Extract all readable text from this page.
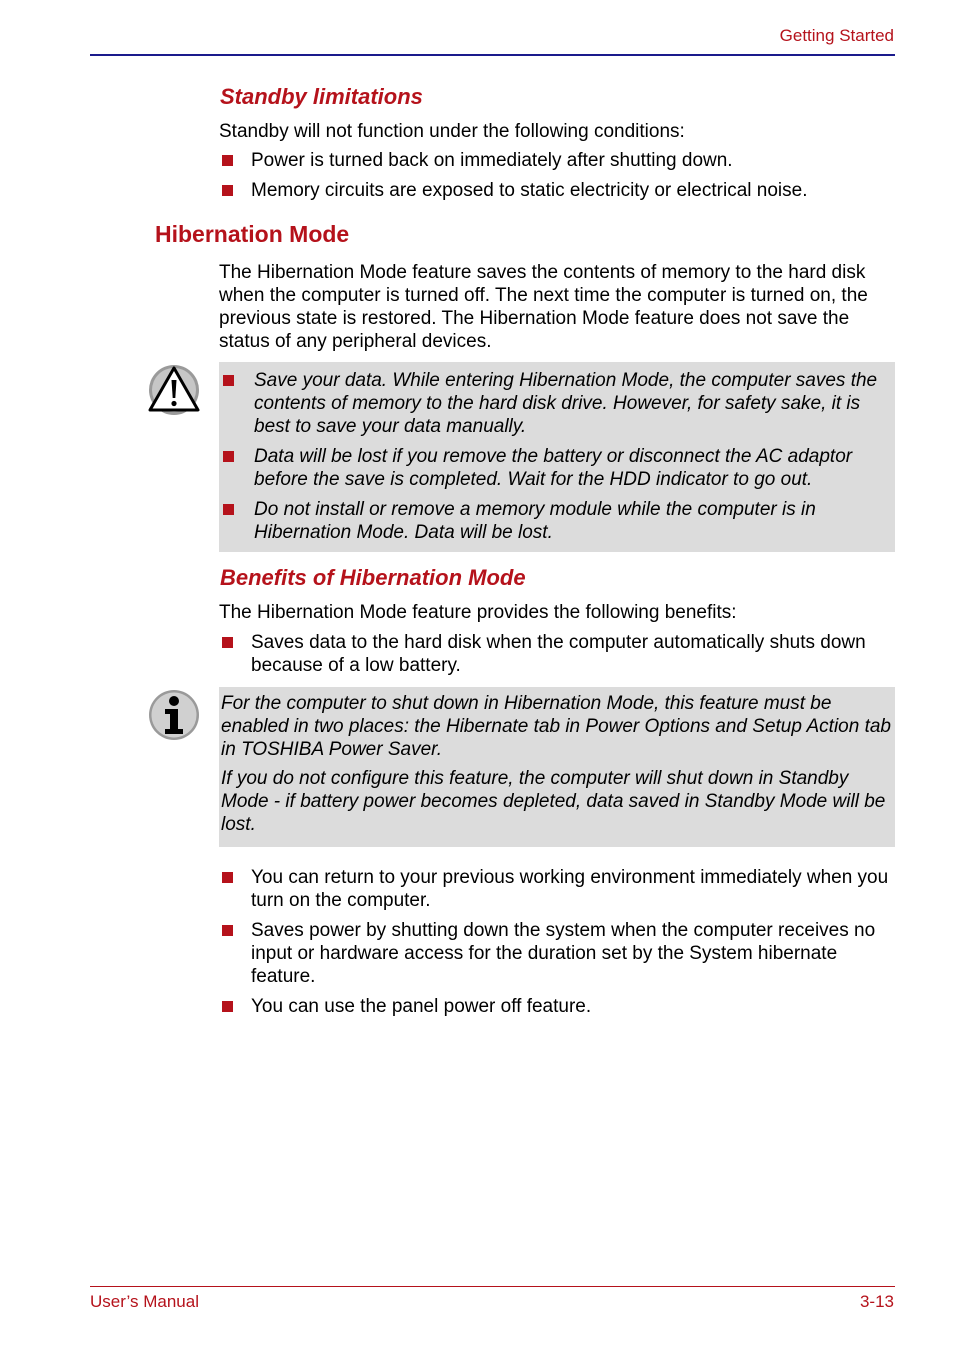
Getting Started
Standby limitations
Standby will not function under the following conditions:
Power is turned back on immediately after shutting down.
Memory circuits are exposed to static electricity or electrical noise.
Hibernation Mode
The Hibernation Mode feature saves the contents of memory to the hard disk when the computer is turned off. The next time the computer is turned on, the previous state is restored. The Hibernation Mode feature does not save the status of any peripheral devices.
Save your data. While entering Hibernation Mode, the computer saves the contents of memory to the hard disk drive. However, for safety sake, it is best to save your data manually.
Data will be lost if you remove the battery or disconnect the AC adaptor before the save is completed. Wait for the HDD indicator to go out.
Do not install or remove a memory module while the computer is in Hibernation Mode. Data will be lost.
Benefits of Hibernation Mode
The Hibernation Mode feature provides the following benefits:
Saves data to the hard disk when the computer automatically shuts down because of a low battery.

For the computer to shut down in Hibernation Mode, this feature must be enabled in two places: the Hibernate tab in Power Options and Setup Action tab in TOSHIBA Power Saver.

If you do not configure this feature, the computer will shut down in Standby Mode - if battery power becomes depleted, data saved in Standby Mode will be lost.

You can return to your previous working environment immediately when you turn on the computer.
Saves power by shutting down the system when the computer receives no input or hardware access for the duration set by the System hibernate feature.
You can use the panel power off feature.
User’s Manual	3-13
